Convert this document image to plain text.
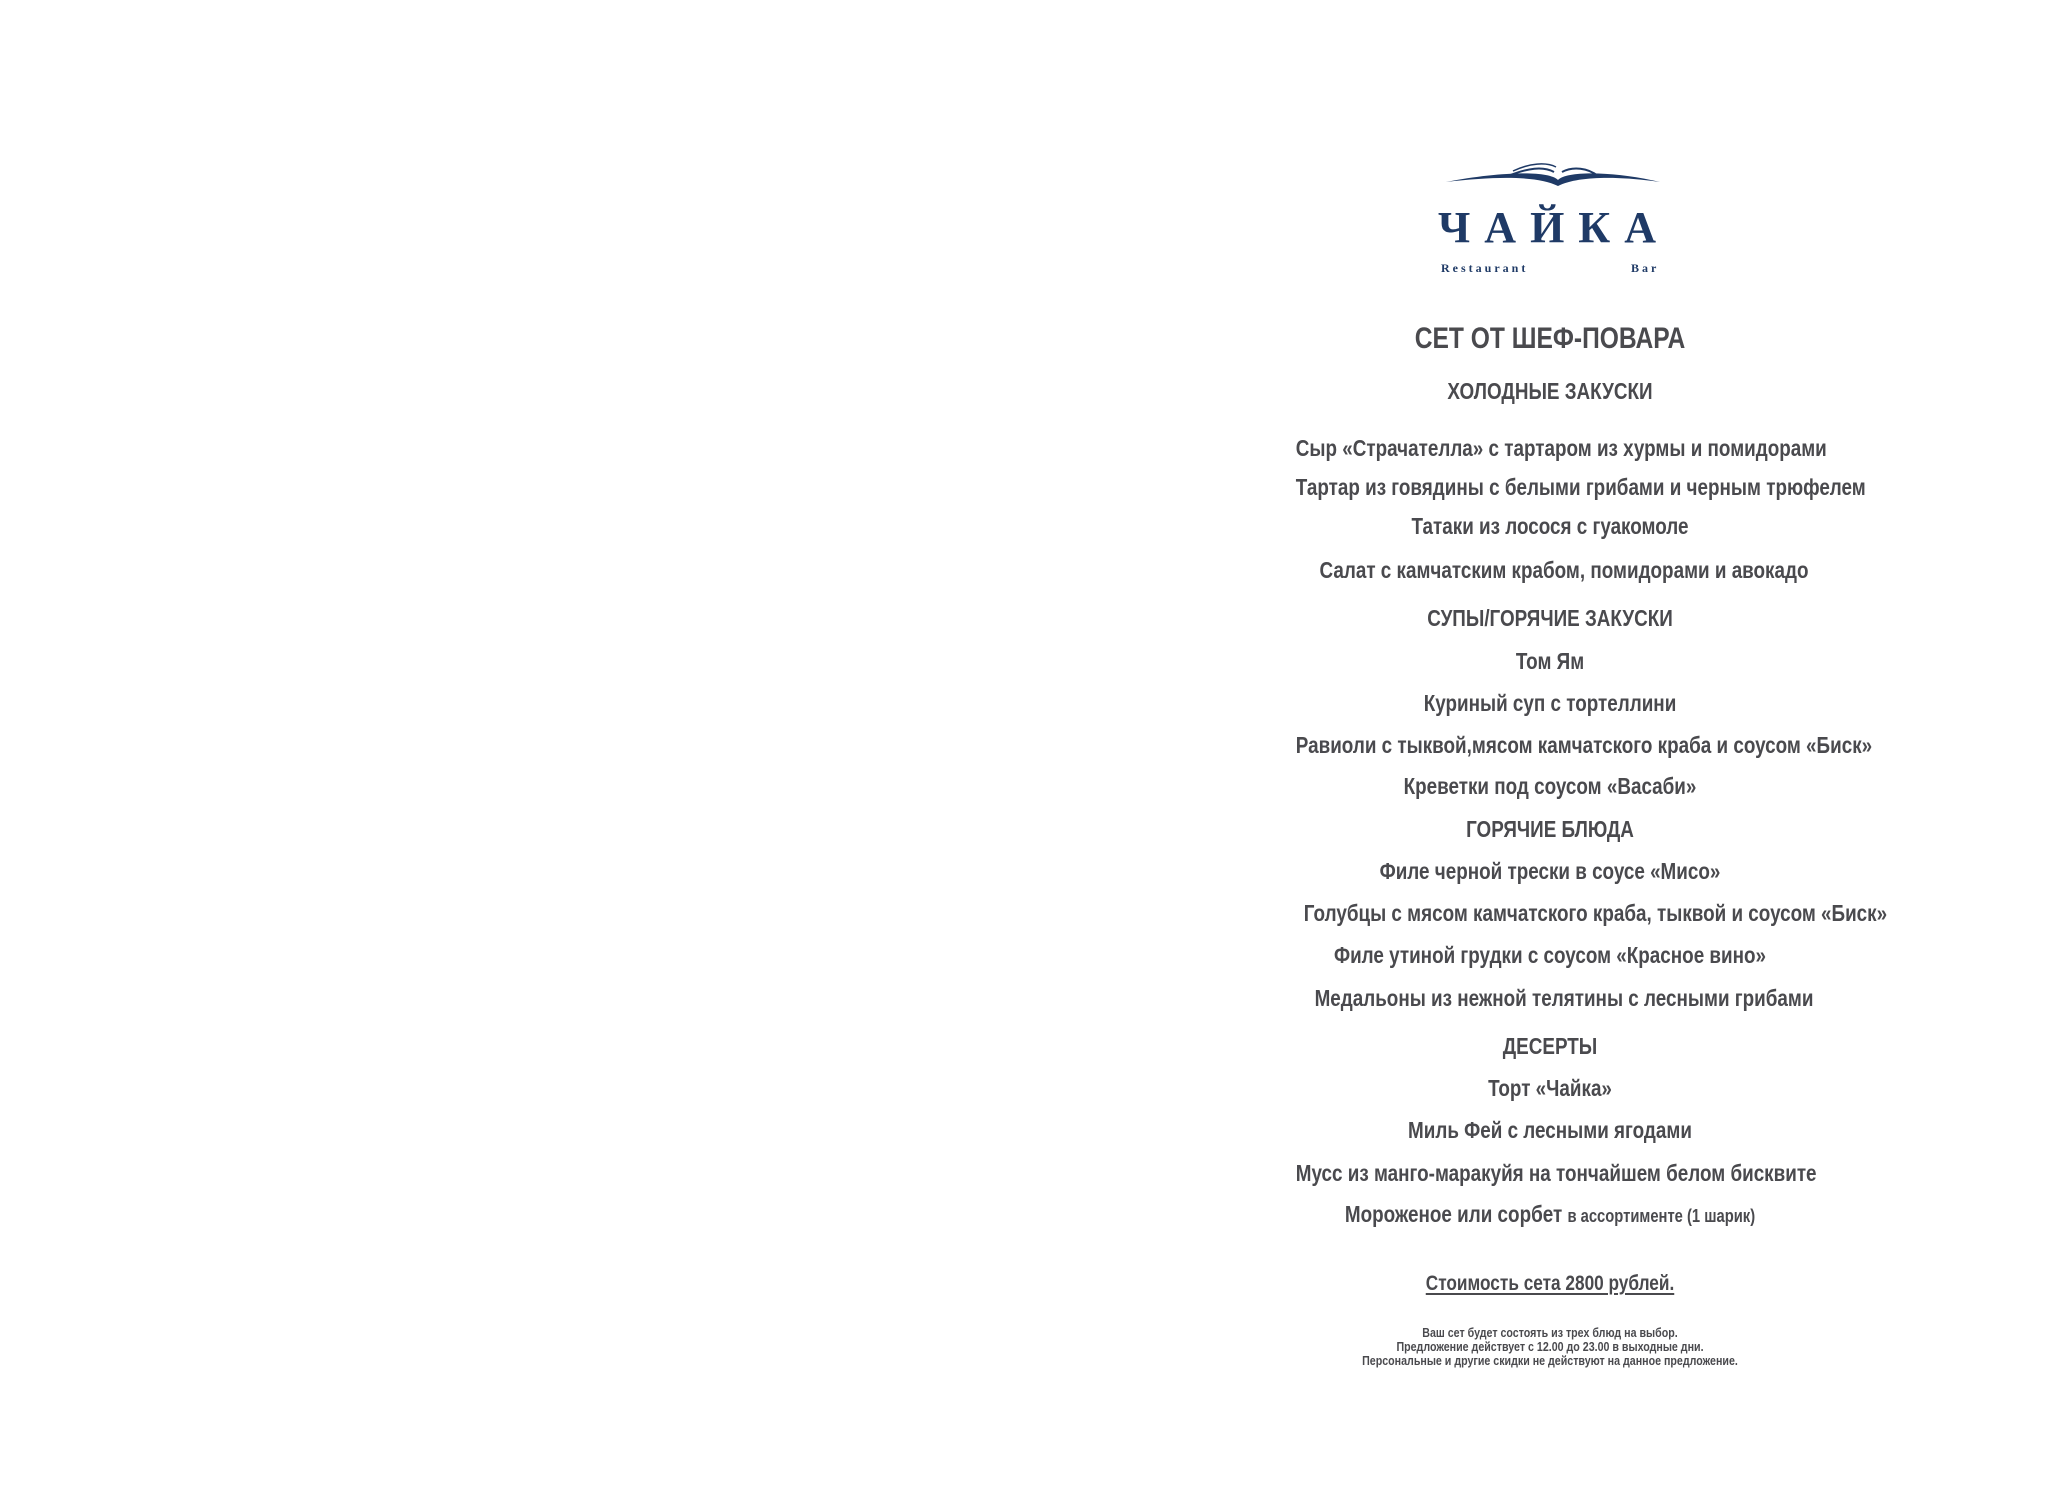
ЧАЙКА
Restaurant	Bar
СЕТ ОТ ШЕФ-ПОВАРА
ХОЛОДНЫЕ ЗАКУСКИ
Сыр «Страчателла» с тартаром из хурмы и помидорами
Тартар из говядины с белыми грибами и черным трюфелем
Татаки из лосося с гуакомоле
Салат с камчатским крабом, помидорами и авокадо
СУПЫ/ГОРЯЧИЕ ЗАКУСКИ
Том Ям
Куриный суп с тортеллини
Равиоли с тыквой,мясом камчатского краба и соусом «Биск»
Креветки под соусом «Васаби»
ГОРЯЧИЕ БЛЮДА
Филе черной трески в соусе «Мисо»
Голубцы с мясом камчатского краба, тыквой и соусом «Биск»
Филе утиной грудки с соусом «Красное вино»
Медальоны из нежной телятины с лесными грибами
ДЕСЕРТЫ
Торт «Чайка»
Миль Фей с лесными ягодами
Мусс из манго-маракуйя на тончайшем белом бисквите
Мороженое или сорбет в ассортименте (1 шарик)
Стоимость сета 2800 рублей.
Ваш сет будет состоять из трех блюд на выбор.
Предложение действует с 12.00 до 23.00 в выходные дни.
Персональные и другие скидки не действуют на данное предложение.
